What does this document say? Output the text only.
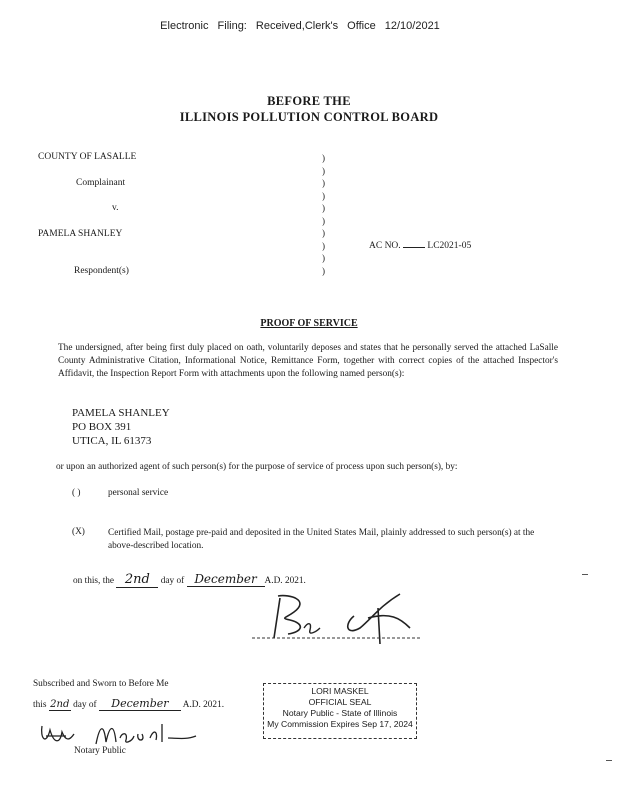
Electronic Filing: Received,Clerk's Office 12/10/2021
BEFORE THE
ILLINOIS POLLUTION CONTROL BOARD
COUNTY OF LASALLE
Complainant
v.
PAMELA SHANLEY
Respondent(s)
)
)
)
)
)
)
)
)
)
)
AC NO.	LC2021-05
PROOF OF SERVICE
The undersigned, after being first duly placed on oath, voluntarily deposes and states that he personally served the attached LaSalle County Administrative Citation, Informational Notice, Remittance Form, together with correct copies of the attached Inspector's Affidavit, the Inspection Report Form with attachments upon the following named person(s):
PAMELA SHANLEY
PO BOX 391
UTICA, IL 61373
or upon an authorized agent of such person(s) for the purpose of service of process upon such person(s), by:
( )	personal service
(X) Certified Mail, postage pre-paid and deposited in the United States Mail, plainly addressed to such person(s) at the above-described location.
on this, the 2nd day of December A.D. 2021.
Subscribed and Sworn to Before Me
this 2nd day of December A.D. 2021.
Notary Public
LORI MASKEL
OFFICIAL SEAL
Notary Public - State of Illinois
My Commission Expires Sep 17, 2024
